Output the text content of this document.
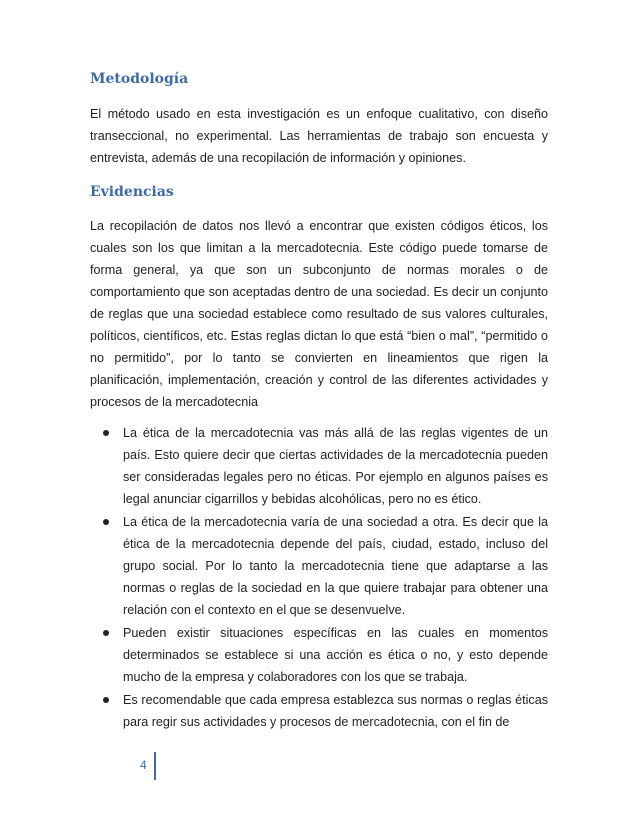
Metodología

El método usado en esta investigación es un enfoque cualitativo, con diseño transeccional, no experimental. Las herramientas de trabajo son encuesta y entrevista, además de una recopilación de información y opiniones.

Evidencias

La recopilación de datos nos llevó a encontrar que existen códigos éticos, los cuales son los que limitan a la mercadotecnia. Este código puede tomarse de forma general, ya que son un subconjunto de normas morales o de comportamiento que son aceptadas dentro de una sociedad. Es decir un conjunto de reglas que una sociedad establece como resultado de sus valores culturales, políticos, científicos, etc. Estas reglas dictan lo que está “bien o mal”, “permitido o no permitido”, por lo tanto se convierten en lineamientos que rigen la planificación, implementación, creación y control de las diferentes actividades y procesos de la mercadotecnia

La ética de la mercadotecnia vas más allá de las reglas vigentes de un país. Esto quiere decir que ciertas actividades de la mercadotecnia pueden ser consideradas legales pero no éticas. Por ejemplo en algunos países es legal anunciar cigarrillos y bebidas alcohólicas, pero no es ético.

La ética de la mercadotecnia varía de una sociedad a otra. Es decir que la ética de la mercadotecnia depende del país, ciudad, estado, incluso del grupo social. Por lo tanto la mercadotecnia tiene que adaptarse a las normas o reglas de la sociedad en la que quiere trabajar para obtener una relación con el contexto en el que se desenvuelve.

Pueden existir situaciones específicas en las cuales en momentos determinados se establece si una acción es ética o no, y esto depende mucho de la empresa y colaboradores con los que se trabaja.

Es recomendable que cada empresa establezca sus normas o reglas éticas para regir sus actividades y procesos de mercadotecnia, con el fin de

4
